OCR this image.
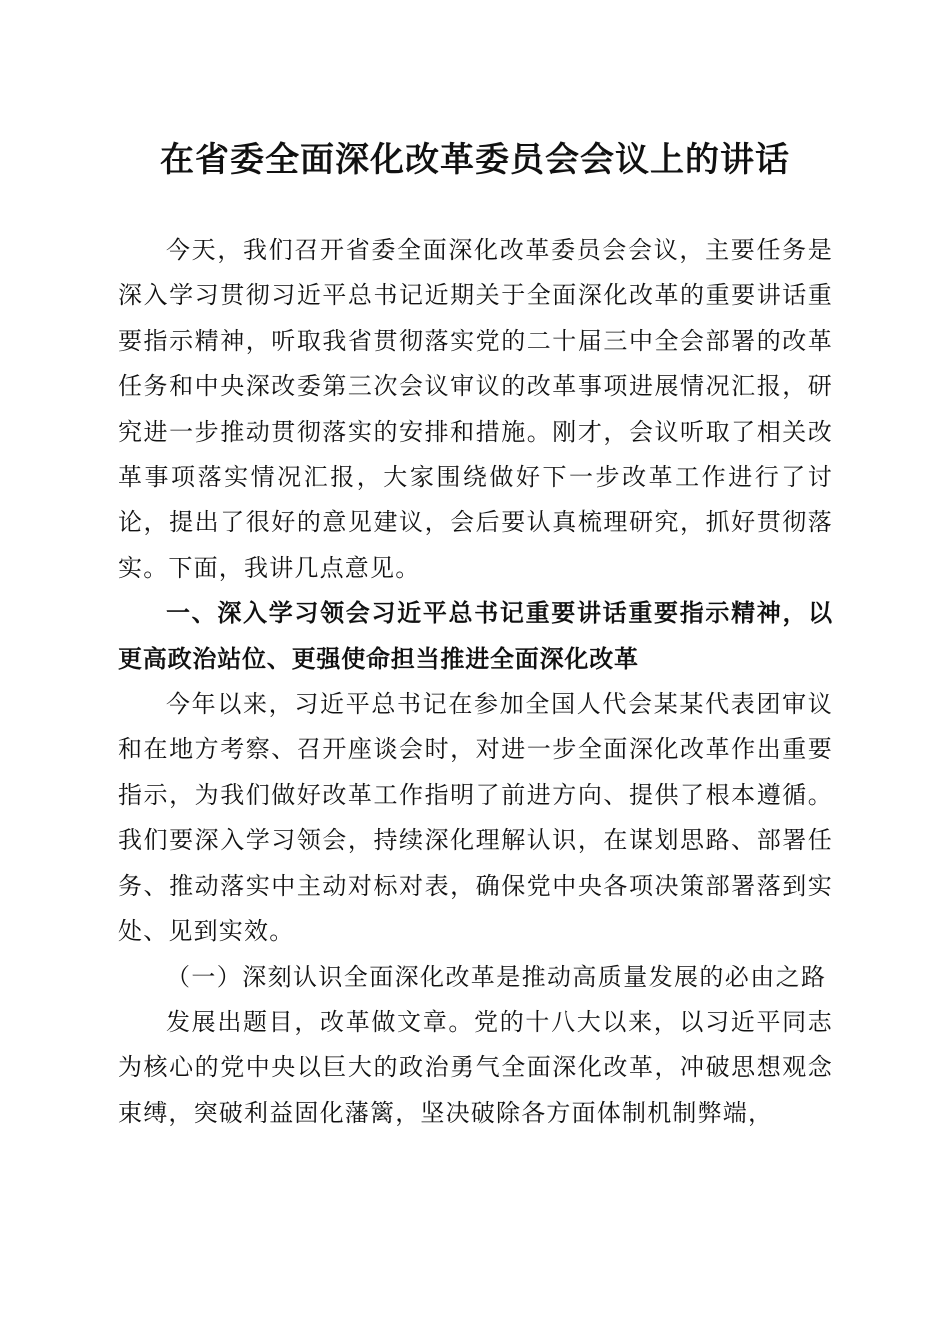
在省委全面深化改革委员会会议上的讲话

今天，我们召开省委全面深化改革委员会会议，主要任务是深入学习贯彻习近平总书记近期关于全面深化改革的重要讲话重要指示精神，听取我省贯彻落实党的二十届三中全会部署的改革任务和中央深改委第三次会议审议的改革事项进展情况汇报，研究进一步推动贯彻落实的安排和措施。刚才，会议听取了相关改革事项落实情况汇报，大家围绕做好下一步改革工作进行了讨论，提出了很好的意见建议，会后要认真梳理研究，抓好贯彻落实。下面，我讲几点意见。

一、深入学习领会习近平总书记重要讲话重要指示精神，以更高政治站位、更强使命担当推进全面深化改革

今年以来，习近平总书记在参加全国人代会某某代表团审议和在地方考察、召开座谈会时，对进一步全面深化改革作出重要指示，为我们做好改革工作指明了前进方向、提供了根本遵循。我们要深入学习领会，持续深化理解认识，在谋划思路、部署任务、推动落实中主动对标对表，确保党中央各项决策部署落到实处、见到实效。

（一）深刻认识全面深化改革是推动高质量发展的必由之路

发展出题目，改革做文章。党的十八大以来，以习近平同志为核心的党中央以巨大的政治勇气全面深化改革，冲破思想观念束缚，突破利益固化藩篱，坚决破除各方面体制机制弊端，
